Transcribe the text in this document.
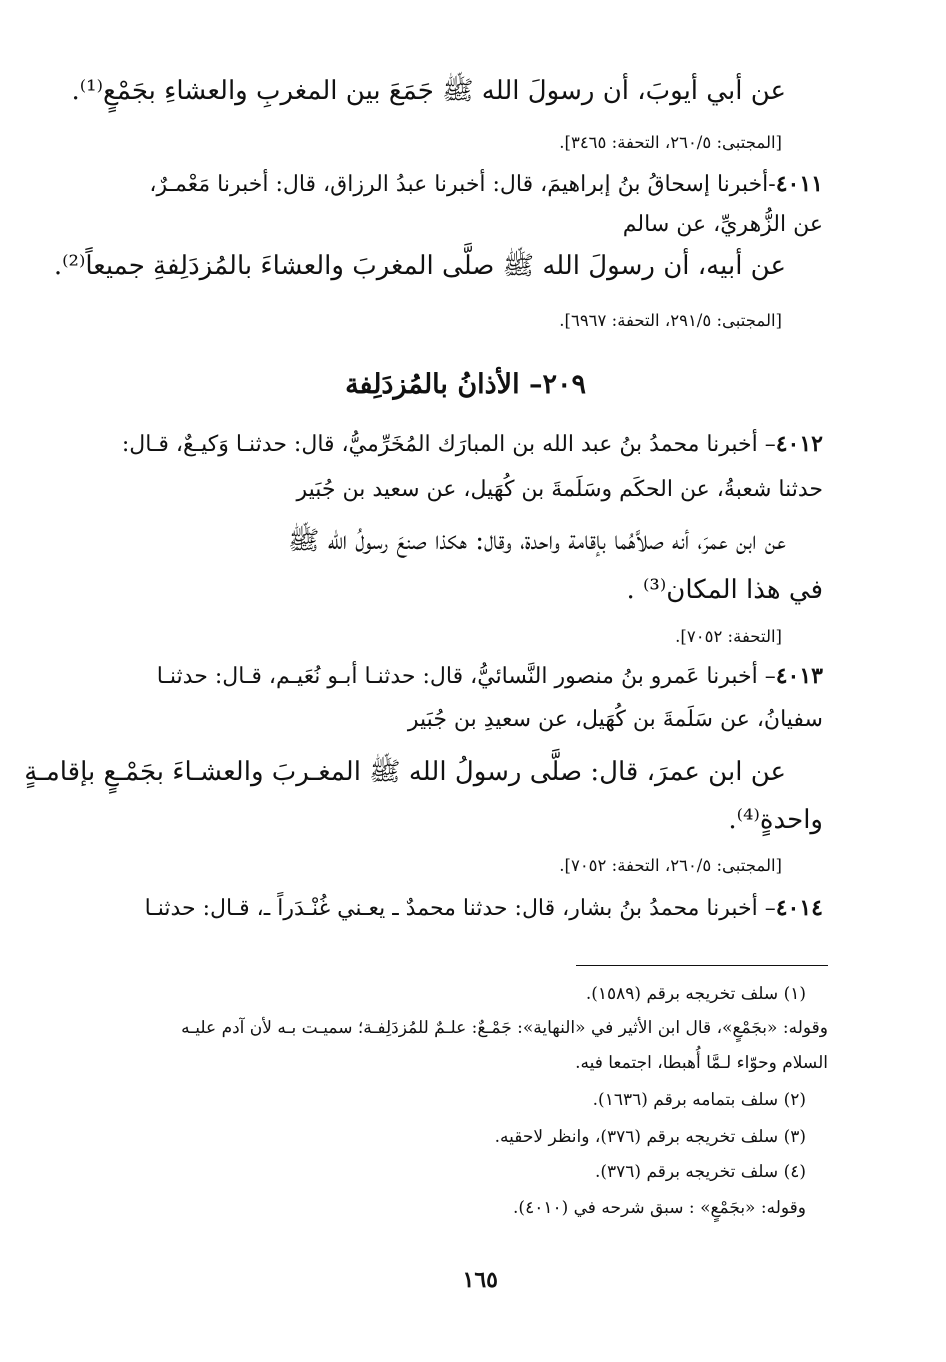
عن أبي أيوبَ، أن رسولَ الله ﷺ جَمَعَ بين المغربِ والعشاءِ بجَمْعٍ⁽¹⁾.
[المجتبى: ٢٦٠/٥، التحفة: ٣٤٦٥].
٤٠١١-أخبرنا إسحاقُ بنُ إبراهيمَ، قال: أخبرنا عبدُ الرزاق، قال: أخبرنا مَعْمـرٌ،
عن الزُّهريِّ، عن سالم
عن أبيه، أن رسولَ الله ﷺ صلَّى المغربَ والعشاءَ بالمُزدَلِفةِ جميعاً⁽²⁾.
[المجتبى: ٢٩١/٥، التحفة: ٦٩٦٧].
٢٠٩– الأذانُ بالمُزدَلِفة
٤٠١٢– أخبرنا محمدُ بنُ عبد الله بن المبارَك المُخَرِّميُّ، قال: حدثنـا وَكيـعٌ، قـال:
حدثنا شعبةُ، عن الحكَم وسَلَمةَ بن كُهَيل، عن سعيد بن جُبَير
عن ابن عمرَ، أنه صلاَّهُما بإقامة واحدة، وقال: هكذا صنعَ رسولُ الله ﷺ
في هذا المكان⁽³⁾ .
[التحفة: ٧٠٥٢].
٤٠١٣– أخبرنا عَمرو بنُ منصور النَّسائيُّ، قال: حدثنـا أبـو نُعَيـم، قـال: حدثنـا
سفيانُ، عن سَلَمةَ بن كُهَيل، عن سعيدِ بن جُبَير
عن ابن عمرَ، قال: صلَّى رسولُ الله ﷺ المغـربَ والعشـاءَ بجَمْـعٍ بإقامـةٍ
واحدةٍ⁽⁴⁾.
[المجتبى: ٢٦٠/٥، التحفة: ٧٠٥٢].
٤٠١٤– أخبرنا محمدُ بنُ بشار، قال: حدثنا محمدٌ ـ يعـني غُنْـدَراً ـ، قـال: حدثنـا
(١) سلف تخريجه برقم (١٥٨٩).
وقوله: «بجَمْعٍ»، قال ابن الأثير في «النهاية»: جَمْـعٌ: علـمٌ للمُزدَلِفـة؛ سميـت بـه لأن آدم عليـه
السلام وحوّاء لـمَّا أُهبطا، اجتمعا فيه.
(٢) سلف بتمامه برقم (١٦٣٦).
(٣) سلف تخريجه برقم (٣٧٦)، وانظر لاحقيه.
(٤) سلف تخريجه برقم (٣٧٦).
وقوله: «بجَمْعٍ» : سبق شرحه في (٤٠١٠).
١٦٥
